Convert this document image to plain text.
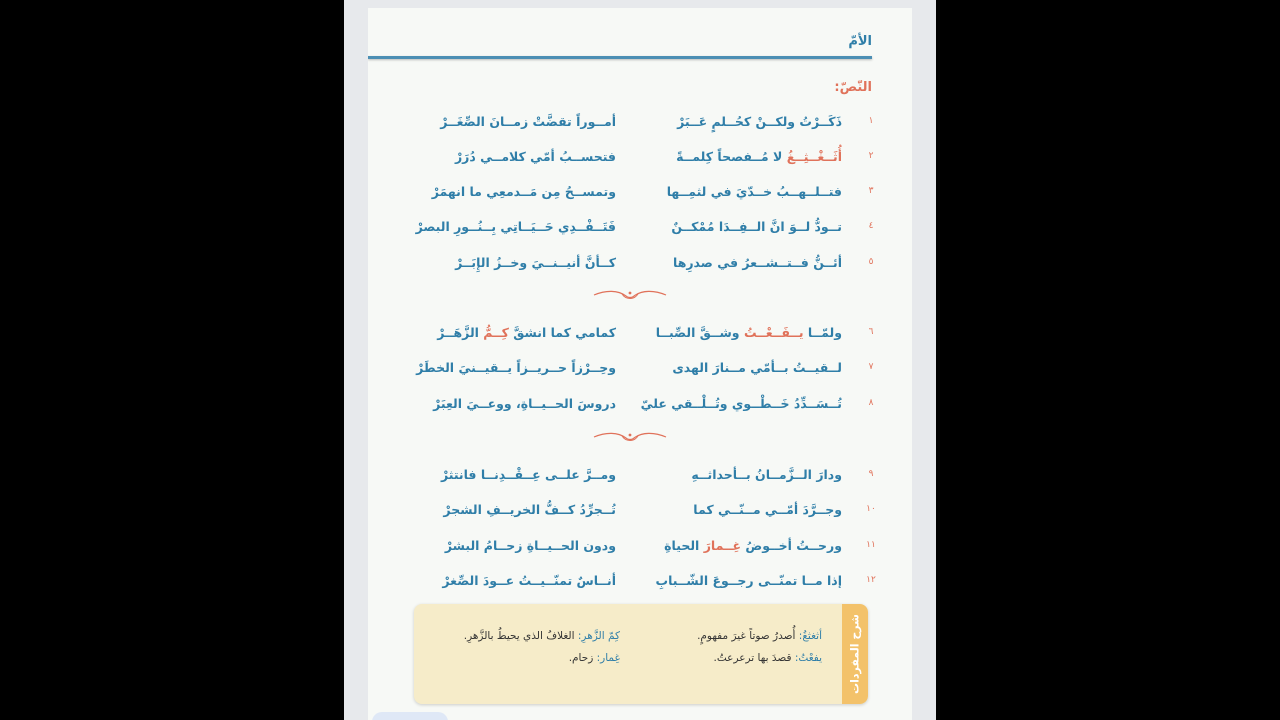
الأمّ
النّصّ:
١
ذَكَــرْتُ ولكــنْ كحُــلمٍ عَــبَرْ
أمــوراً تقضَّتْ زمــانَ الصِّغَــرْ
٢
أُثَــغْــثِــغُ لا مُــفصحاً كِلمــةً
فتحســبُ أمّي كلامــي دُرَرْ
٣
فتــلــهــبُ خــدّيَ في لثمِــها
وتمســحُ مِن مَــدمعِي ما انهمَرْ
٤
تــودُّ لــوَ انَّ الــفِــدَا مُمْكــنٌ
فَتَــفْــدِي حَــيَــاتِي بِــنُــورِ البصرْ
٥
أئــنُّ فــتــشــعرُ في صدرِها
كــأنَّ أنيــنــيَ وخــزُ الإِبَــرْ
٦
ولمّــا يــفَــعْــتُ وشــقَّ الصِّبــا
كمامي كما انشقَّ كِــمُّ الزَّهَــرْ
٧
لــقيــتُ بــأمّي مــنارَ الهدى
وحِــرْزاً حــريــزاً يــقيــنيَ الخطَرْ
٨
تُــسَــدِّدُ خَــطْــوي وتُــلْــقي عليّ
دروسَ الحــيــاةِ، ووعــيَ العِبَرْ
٩
ودارَ الــزَّمــانُ بــأحداثــهِ
ومــرَّ علــى عِــقْــدِنــا فانتثرْ
١٠
وجــرَّدَ أمّــي مــنّــي كما
تُــجرِّدُ كــفُّ الخريــفِ الشجرْ
١١
ورحــتُ أخــوضُ غِــمارَ الحياةِ
ودون الحــيــاةِ زحــامُ البشرْ
١٢
إذا مــا تمنّــى رجــوعَ الشّــبابِ
أنــاسٌ تمنّــيــتُ عــودَ الصِّغرْ
شرح المفردات
أثغثغُ: أُصدرُ صوتاً غيرَ مفهومٍ.
يفعْتُ: قصدَ بها ترعرعتُ.
كِمّ الزَّهرِ: الغلافُ الذي يحيطُ بالزَّهرِ.
غِمار: زحام.
